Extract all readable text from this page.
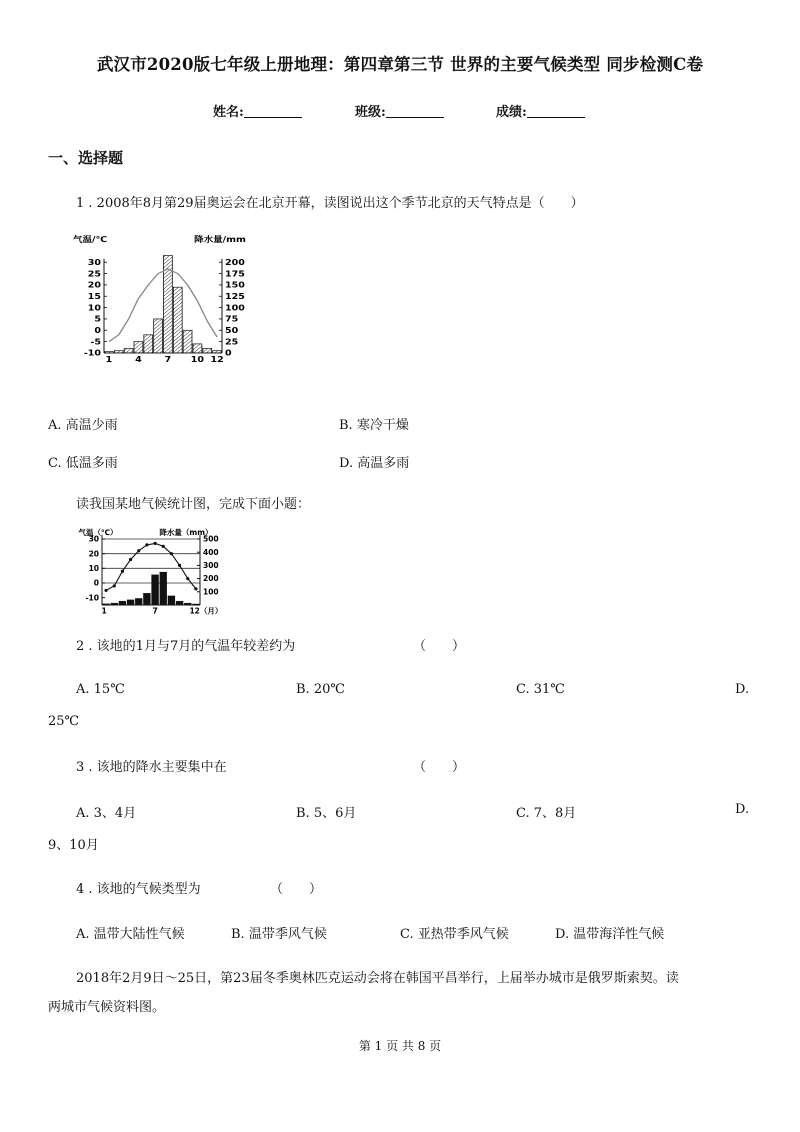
武汉市2020版七年级上册地理：第四章第三节 世界的主要气候类型 同步检测C卷
姓名:	班级:	成绩:
一、选择题
1 . 2008年8月第29届奥运会在北京开幕，读图说出这个季节北京的天气特点是（　　）
气温/℃	降水量/mm
30
25
20
15
10
5
0
-5
-10
200
175
150
125
100
75
50
25
0
1 4 7 10 12
A. 高温少雨	B. 寒冷干燥
C. 低温多雨	D. 高温多雨
读我国某地气候统计图，完成下面小题：
气温（℃）	降水量（mm）
30
20
10
0
-10
500
400
300
200
100
1	7	12（月）
2 . 该地的1月与7月的气温年较差约为	（　　）
A. 15℃	B. 20℃	C. 31℃	D.
25℃
3 . 该地的降水主要集中在	（　　）
A. 3、4月	B. 5、6月	C. 7、8月	D.
9、10月
4 . 该地的气候类型为	（　　）
A. 温带大陆性气候	B. 温带季风气候	C. 亚热带季风气候	D. 温带海洋性气候
2018年2月9日～25日，第23届冬季奥林匹克运动会将在韩国平昌举行，上届举办城市是俄罗斯索契。读
两城市气候资料图。
第 1 页 共 8 页
